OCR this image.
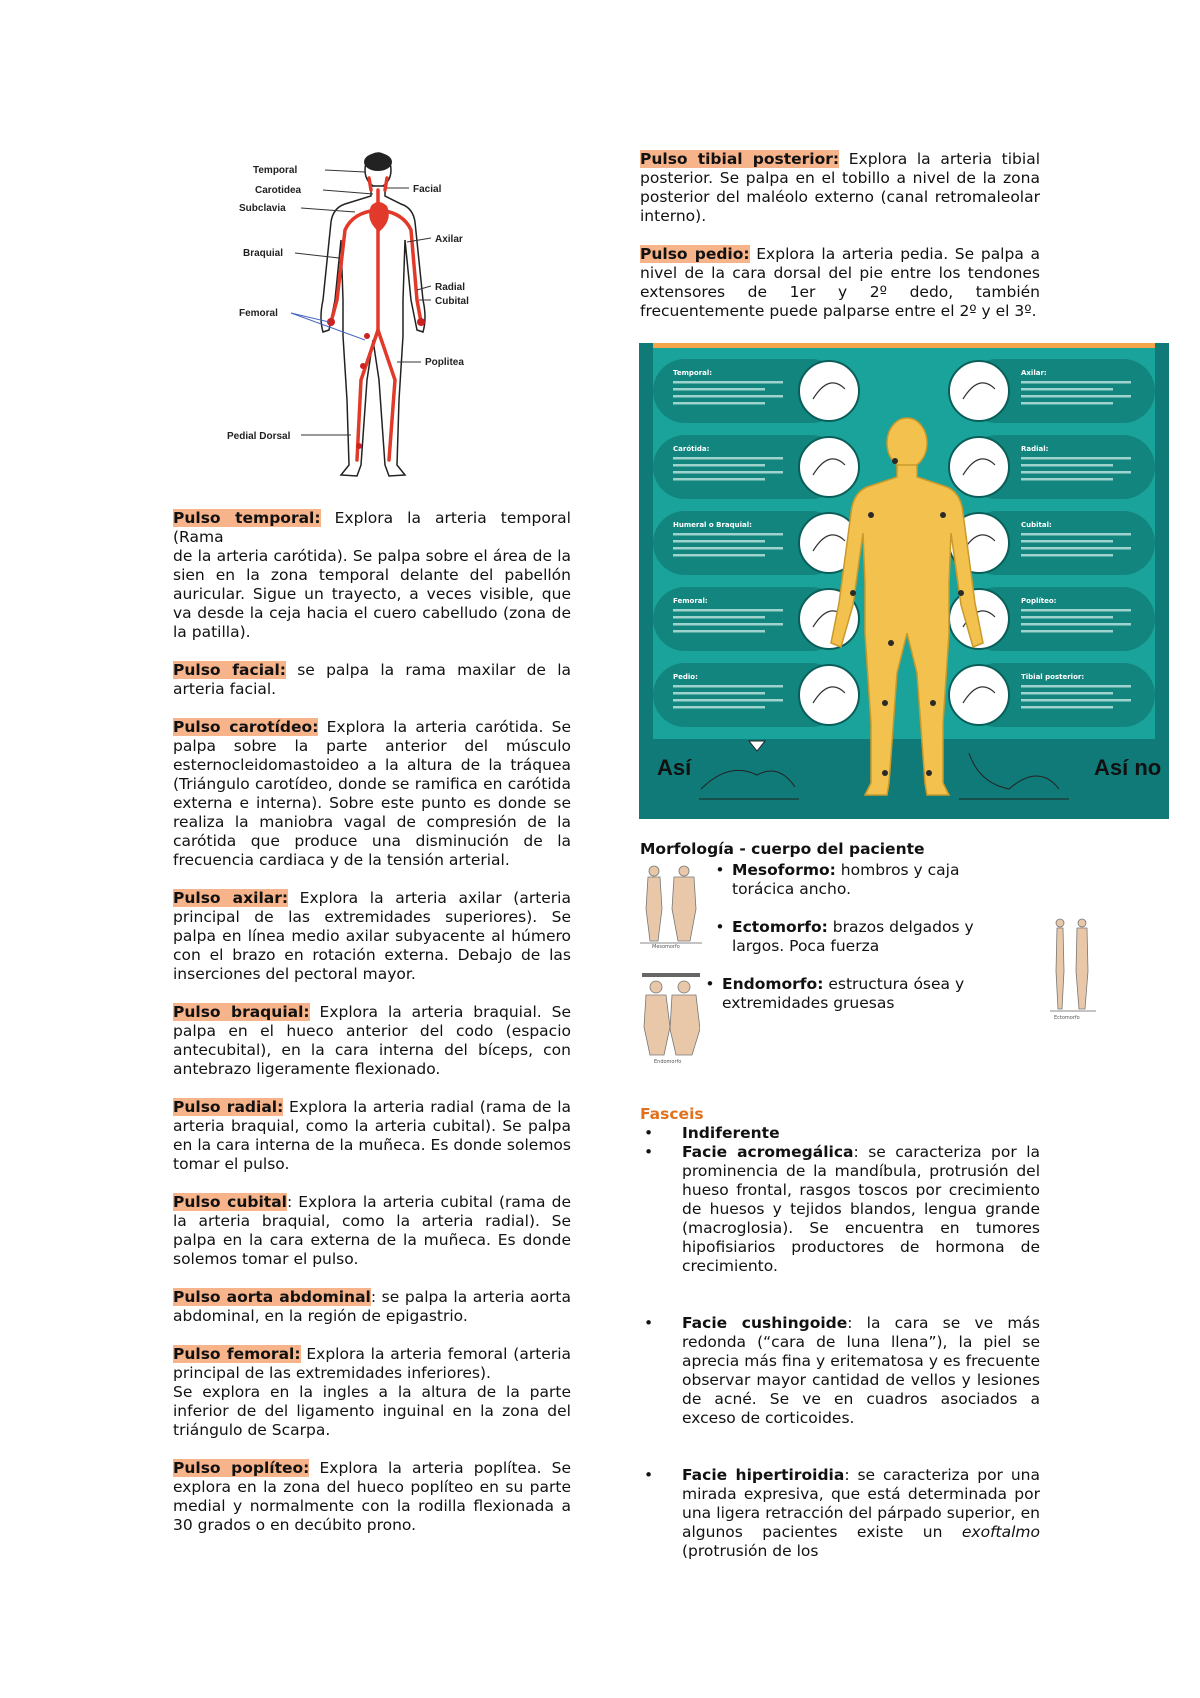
Temporal
Carotidea
Subclavia
Braquial
Femoral
Facial
Axilar
Radial
Cubital
Poplitea
Pedial Dorsal

Pulso temporal: Explora la arteria temporal (Rama
de la arteria carótida). Se palpa sobre el área de la sien en la zona temporal delante del pabellón auricular. Sigue un trayecto, a veces visible, que va desde la ceja hacia el cuero cabelludo (zona de la patilla).

Pulso facial: se palpa la rama maxilar de la arteria facial.

Pulso carotídeo: Explora la arteria carótida. Se palpa sobre la parte anterior del músculo esternocleidomastoideo a la altura de la tráquea (Triángulo carotídeo, donde se ramifica en carótida externa e interna). Sobre este punto es donde se realiza la maniobra vagal de compresión de la carótida que produce una disminución de la frecuencia cardiaca y de la tensión arterial.

Pulso axilar: Explora la arteria axilar (arteria principal de las extremidades superiores). Se palpa en línea medio axilar subyacente al húmero con el brazo en rotación externa. Debajo de las inserciones del pectoral mayor.

Pulso braquial: Explora la arteria braquial. Se palpa en el hueco anterior del codo (espacio antecubital), en la cara interna del bíceps, con antebrazo ligeramente flexionado.

Pulso radial: Explora la arteria radial (rama de la arteria braquial, como la arteria cubital). Se palpa en la cara interna de la muñeca. Es donde solemos tomar el pulso.

Pulso cubital: Explora la arteria cubital (rama de la arteria braquial, como la arteria radial). Se palpa en la cara externa de la muñeca. Es donde solemos tomar el pulso.

Pulso aorta abdominal: se palpa la arteria aorta abdominal, en la región de epigastrio.

Pulso femoral: Explora la arteria femoral (arteria principal de las extremidades inferiores).
Se explora en la ingles a la altura de la parte inferior de del ligamento inguinal en la zona del triángulo de Scarpa.

Pulso poplíteo: Explora la arteria poplítea. Se explora en la zona del hueco poplíteo en su parte medial y normalmente con la rodilla flexionada a 30 grados o en decúbito prono.

Pulso tibial posterior: Explora la arteria tibial posterior. Se palpa en el tobillo a nivel de la zona posterior del maléolo externo (canal retromaleolar interno).

Pulso pedio: Explora la arteria pedia. Se palpa a nivel de la cara dorsal del pie entre los tendones extensores de 1er y 2º dedo, también frecuentemente puede palparse entre el 2º y el 3º.

Temporal:
Carótida:
Humeral o Braquial:
Femoral:
Pedio:
Axilar:
Radial:
Cubital:
Poplíteo:
Tibial posterior:
Así	Así no

Morfología - cuerpo del paciente

Mesomorfo
• Mesoformo: hombros y caja torácica ancho.
• Ectomorfo: brazos delgados y largos. Poca fuerza
Endomorfo
• Endomorfo: estructura ósea y extremidades gruesas
Ectomorfo

Fasceis

•	Indiferente
•	Facie acromegálica: se caracteriza por la prominencia de la mandíbula, protrusión del hueso frontal, rasgos toscos por crecimiento de huesos y tejidos blandos, lengua grande (macroglosia). Se encuentra en tumores hipofisiarios productores de hormona de crecimiento.
•	Facie cushingoide: la cara se ve más redonda (“cara de luna llena”), la piel se aprecia más fina y eritematosa y es frecuente observar mayor cantidad de vellos y lesiones de acné. Se ve en cuadros asociados a exceso de corticoides.
•	Facie hipertiroidia: se caracteriza por una mirada expresiva, que está determinada por una ligera retracción del párpado superior, en algunos pacientes existe un exoftalmo (protrusión de los
